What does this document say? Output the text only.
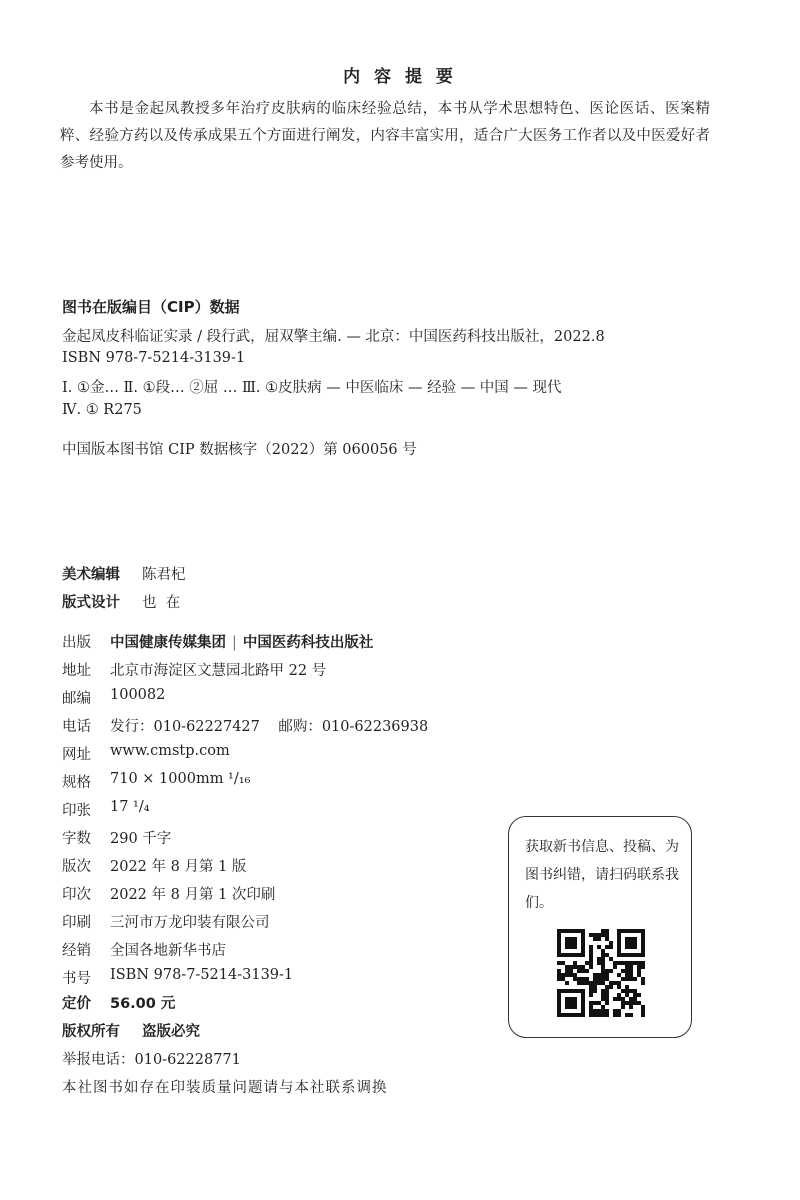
内 容 提 要
本书是金起凤教授多年治疗皮肤病的临床经验总结，本书从学术思想特色、医论医话、医案精粹、经验方药以及传承成果五个方面进行阐发，内容丰富实用，适合广大医务工作者以及中医爱好者参考使用。
图书在版编目（CIP）数据
金起凤皮科临证实录 / 段行武，屈双擎主编. — 北京：中国医药科技出版社，2022.8
ISBN 978-7-5214-3139-1
Ⅰ. ①金… Ⅱ. ①段… ②屈 … Ⅲ. ①皮肤病 — 中医临床 — 经验 — 中国 — 现代
Ⅳ. ① R275
中国版本图书馆 CIP 数据核字（2022）第 060056 号
美术编辑 陈君杞
版式设计 也  在
出版 中国健康传媒集团 | 中国医药科技出版社
地址 北京市海淀区文慧园北路甲 22 号
邮编 100082
电话 发行：010-62227427    邮购：010-62236938
网址 www.cmstp.com
规格 710 × 1000mm ¹/₁₆
印张 17 ¹/₄
字数 290 千字
版次 2022 年 8 月第 1 版
印次 2022 年 8 月第 1 次印刷
印刷 三河市万龙印装有限公司
经销 全国各地新华书店
书号 ISBN 978-7-5214-3139-1
定价 56.00 元
版权所有 盗版必究
举报电话：010-62228771
本社图书如存在印装质量问题请与本社联系调换
获取新书信息、投稿、为图书纠错，请扫码联系我们。
